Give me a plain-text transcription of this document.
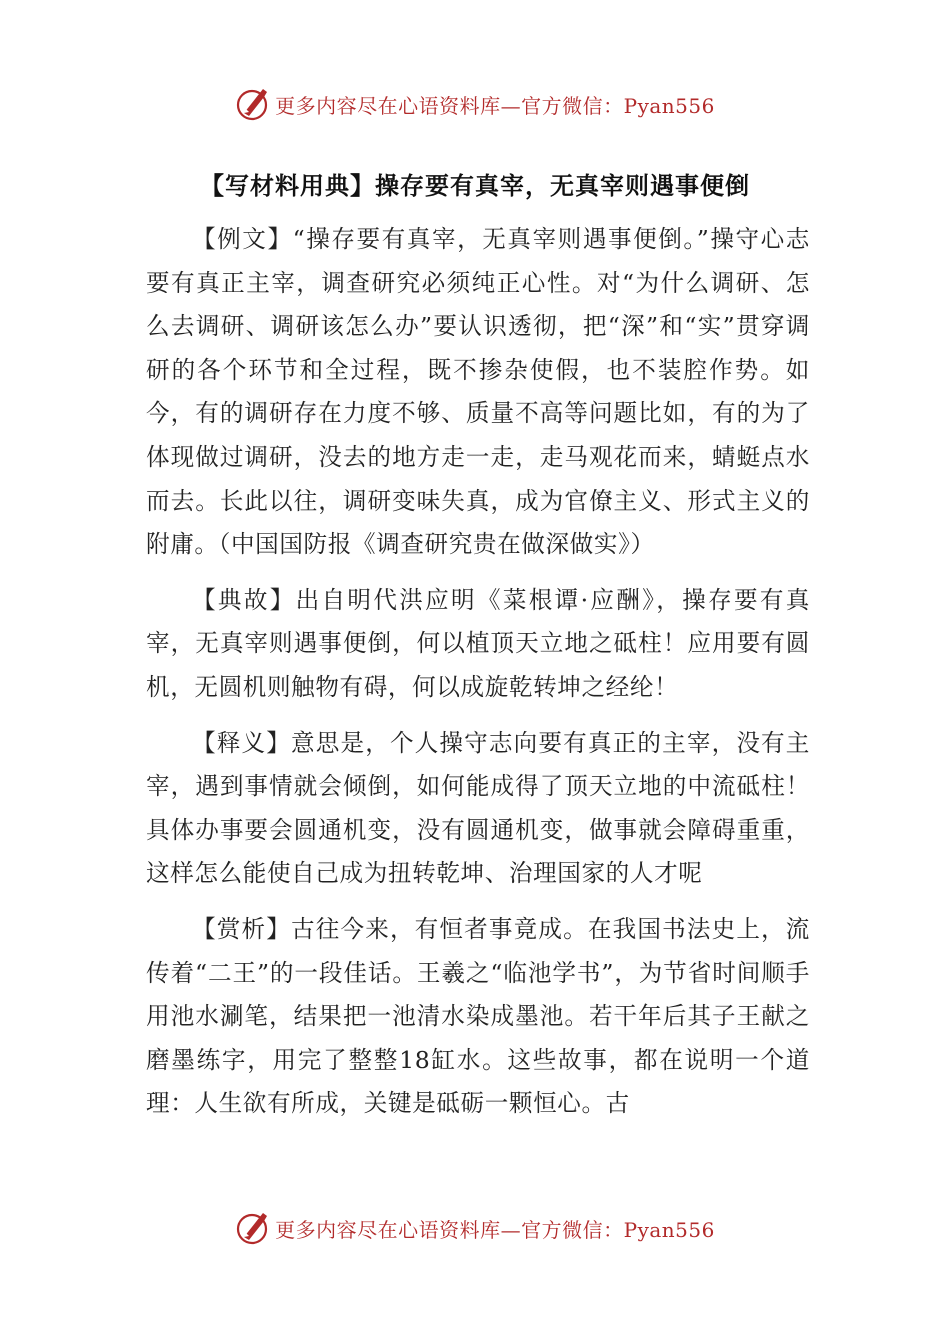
更多内容尽在心语资料库—官方微信：Pyan556
【写材料用典】操存要有真宰，无真宰则遇事便倒

【例文】“操存要有真宰，无真宰则遇事便倒。”操守心志要有真正主宰，调查研究必须纯正心性。对“为什么调研、怎么去调研、调研该怎么办”要认识透彻，把“深”和“实”贯穿调研的各个环节和全过程，既不掺杂使假，也不装腔作势。如今，有的调研存在力度不够、质量不高等问题比如，有的为了体现做过调研，没去的地方走一走，走马观花而来，蜻蜓点水而去。长此以往，调研变味失真，成为官僚主义、形式主义的附庸。（中国国防报《调查研究贵在做深做实》）

【典故】出自明代洪应明《菜根谭·应酬》，操存要有真宰，无真宰则遇事便倒，何以植顶天立地之砥柱！应用要有圆机，无圆机则触物有碍，何以成旋乾转坤之经纶！

【释义】意思是，个人操守志向要有真正的主宰，没有主宰，遇到事情就会倾倒，如何能成得了顶天立地的中流砥柱！具体办事要会圆通机变，没有圆通机变，做事就会障碍重重，这样怎么能使自己成为扭转乾坤、治理国家的人才呢

【赏析】古往今来，有恒者事竟成。在我国书法史上，流传着“二王”的一段佳话。王羲之“临池学书”，为节省时间顺手用池水涮笔，结果把一池清水染成墨池。若干年后其子王献之磨墨练字，用完了整整18缸水。这些故事，都在说明一个道理：人生欲有所成，关键是砥砺一颗恒心。古

更多内容尽在心语资料库—官方微信：Pyan556
